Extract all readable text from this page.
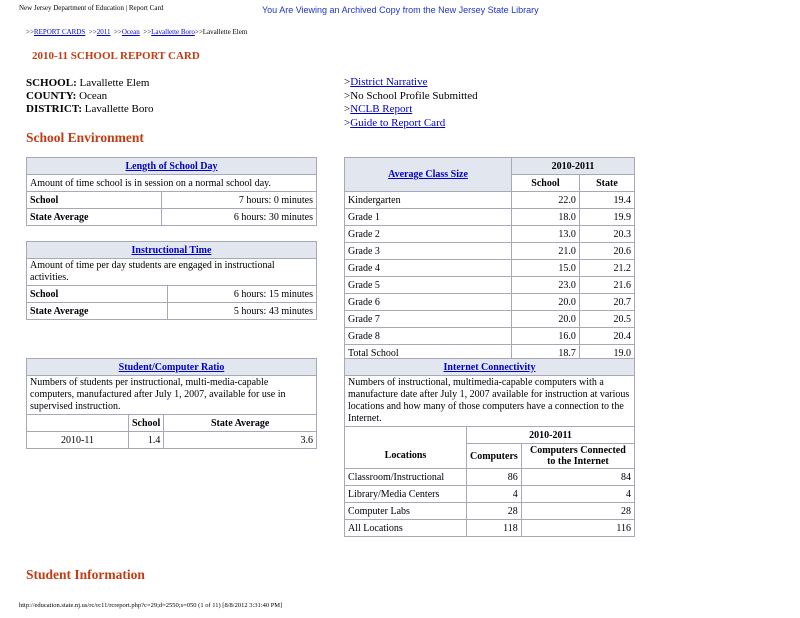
New Jersey Department of Education | Report Card	You Are Viewing an Archived Copy from the New Jersey State Library
>>REPORT CARDS  >>2011  >>Ocean  >>Lavallette Boro>>Lavallette Elem
2010-11 SCHOOL REPORT CARD
SCHOOL: Lavallette Elem
COUNTY: Ocean
DISTRICT: Lavallette Boro
>District Narrative
>No School Profile Submitted
>NCLB Report
>Guide to Report Card
School Environment
Length of School Day	
Amount of time school is in session on a normal school day.	
School	7 hours: 0 minutes
State Average	6 hours: 30 minutes
Instructional Time	
Amount of time per day students are engaged in instructional activities.	
School	6 hours: 15 minutes
State Average	5 hours: 43 minutes
Average Class Size	2010-2011	
	School	State
Kindergarten	22.0	19.4
Grade 1	18.0	19.9
Grade 2	13.0	20.3
Grade 3	21.0	20.6
Grade 4	15.0	21.2
Grade 5	23.0	21.6
Grade 6	20.0	20.7
Grade 7	20.0	20.5
Grade 8	16.0	20.4
Total School	18.7	19.0
Student/Computer Ratio		
Numbers of students per instructional, multi-media-capable computers, manufactured after July 1, 2007, available for use in supervised instruction.		
	School	State Average
2010-11	1.4	3.6
Internet Connectivity		
Numbers of instructional, multimedia-capable computers with a manufacture date after July 1, 2007 available for instruction at various locations and how many of those computers have a connection to the Internet.		
	2010-2011	
Locations	Computers	Computers Connected to the Internet
Classroom/Instructional	86	84
Library/Media Centers	4	4
Computer Labs	28	28
All Locations	118	116
Student Information
http://education.state.nj.us/rc/rc11/rcreport.php?c=29;d=2550;s=050 (1 of 11) [8/8/2012 3:31:40 PM]
